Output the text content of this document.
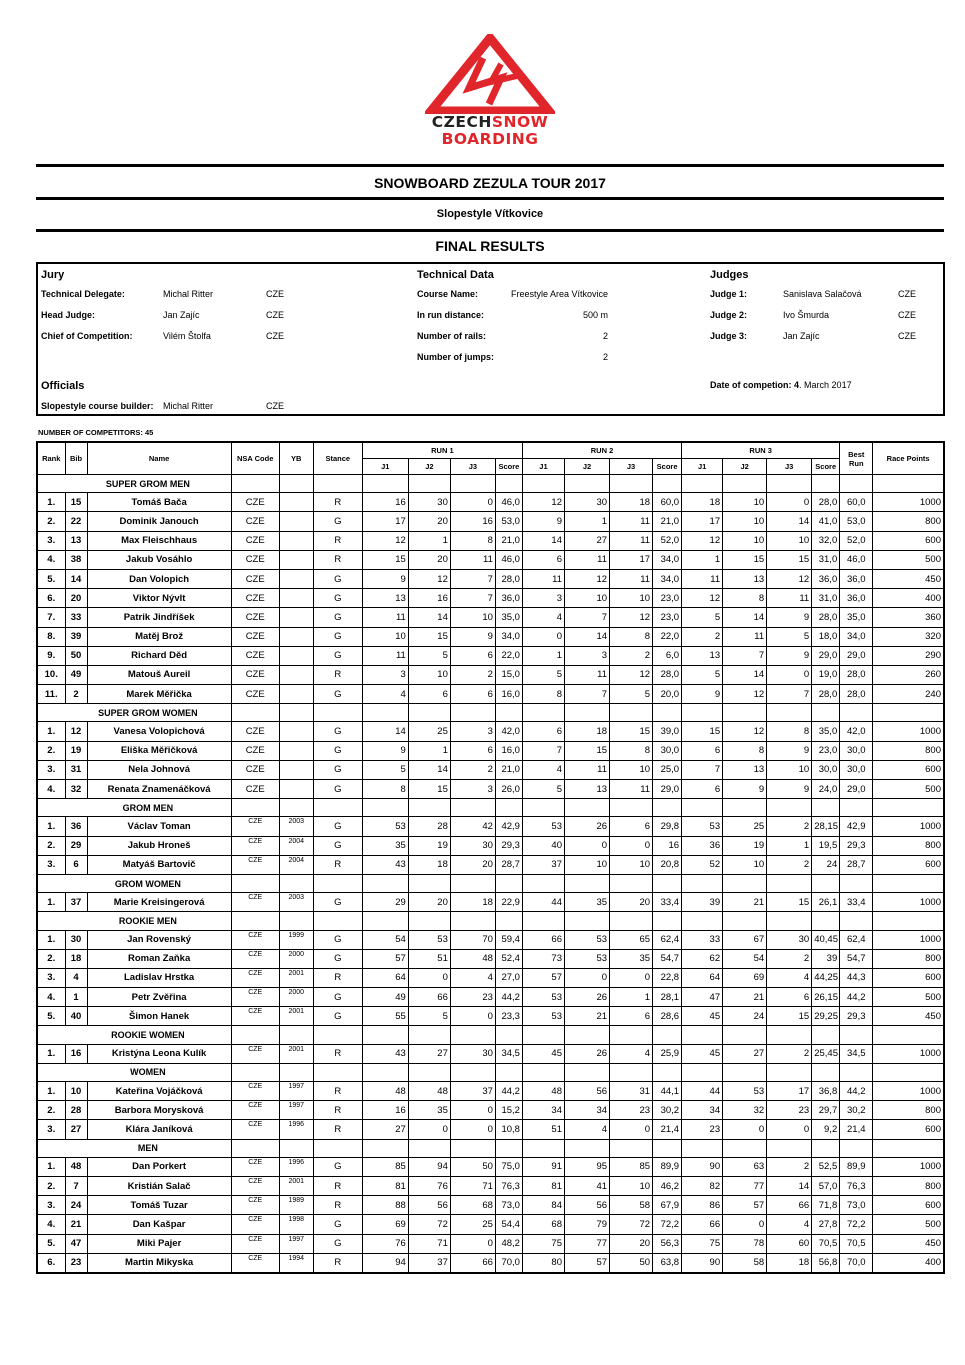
CZECHSNOW
BOARDING
SNOWBOARD ZEZULA TOUR 2017
Slopestyle Vítkovice
FINAL RESULTS
Jury
Technical Delegate:	Michal Ritter	CZE
Head Judge:	Jan Zajíc	CZE
Chief of Competition:	Vilém Štolfa	CZE
Technical Data
Course Name:	Freestyle Area Vítkovice
In run distance:	500 m
Number of rails:	2
Number of jumps:	2
Judges
Judge 1:	Sanislava Salačová	CZE
Judge 2:	Ivo Šmurda	CZE
Judge 3:	Jan Zajíc	CZE
Officials
Slopestyle course builder: Michal Ritter	CZE
Date of competion: 4. March 2017
NUMBER OF COMPETITORS: 45
Rank	Bib	Name	NSA Code	YB	Stance	RUN 1				RUN 2				RUN 3				Best Run	Race Points
						J1	J2	J3	Score	J1	J2	J3	Score	J1	J2	J3	Score		
	SUPER GROM MEN																		
1.	15	Tomáš Bača	CZE		R	16	30	0	46,0	12	30	18	60,0	18	10	0	28,0	60,0	1000
2.	22	Dominik Janouch	CZE		G	17	20	16	53,0	9	1	11	21,0	17	10	14	41,0	53,0	800
3.	13	Max Fleischhaus	CZE		R	12	1	8	21,0	14	27	11	52,0	12	10	10	32,0	52,0	600
4.	38	Jakub Vosáhlo	CZE		R	15	20	11	46,0	6	11	17	34,0	1	15	15	31,0	46,0	500
5.	14	Dan Volopich	CZE		G	9	12	7	28,0	11	12	11	34,0	11	13	12	36,0	36,0	450
6.	20	Viktor Nývlt	CZE		G	13	16	7	36,0	3	10	10	23,0	12	8	11	31,0	36,0	400
7.	33	Patrik Jindříšek	CZE		G	11	14	10	35,0	4	7	12	23,0	5	14	9	28,0	35,0	360
8.	39	Matěj Brož	CZE		G	10	15	9	34,0	0	14	8	22,0	2	11	5	18,0	34,0	320
9.	50	Richard Děd	CZE		G	11	5	6	22,0	1	3	2	6,0	13	7	9	29,0	29,0	290
10.	49	Matouš Aureil	CZE		R	3	10	2	15,0	5	11	12	28,0	5	14	0	19,0	28,0	260
11.	2	Marek Měřička	CZE		G	4	6	6	16,0	8	7	5	20,0	9	12	7	28,0	28,0	240
	SUPER GROM WOMEN																		
1.	12	Vanesa Volopichová	CZE		G	14	25	3	42,0	6	18	15	39,0	15	12	8	35,0	42,0	1000
2.	19	Eliška Měřičková	CZE		G	9	1	6	16,0	7	15	8	30,0	6	8	9	23,0	30,0	800
3.	31	Nela Johnová	CZE		G	5	14	2	21,0	4	11	10	25,0	7	13	10	30,0	30,0	600
4.	32	Renata Znamenáčková	CZE		G	8	15	3	26,0	5	13	11	29,0	6	9	9	24,0	29,0	500
	GROM MEN																		
1.	36	Václav Toman	CZE	2003	G	53	28	42	42,9	53	26	6	29,8	53	25	2	28,15	42,9	1000
2.	29	Jakub Hroneš	CZE	2004	G	35	19	30	29,3	40	0	0	16	36	19	1	19,5	29,3	800
3.	6	Matyáš Bartovič	CZE	2004	R	43	18	20	28,7	37	10	10	20,8	52	10	2	24	28,7	600
	GROM WOMEN																		
1.	37	Marie Kreisingerová	CZE	2003	G	29	20	18	22,9	44	35	20	33,4	39	21	15	26,1	33,4	1000
	ROOKIE MEN																		
1.	30	Jan Rovenský	CZE	1999	G	54	53	70	59,4	66	53	65	62,4	33	67	30	40,45	62,4	1000
2.	18	Roman Zaňka	CZE	2000	G	57	51	48	52,4	73	53	35	54,7	62	54	2	39	54,7	800
3.	4	Ladislav Hrstka	CZE	2001	R	64	0	4	27,0	57	0	0	22,8	64	69	4	44,25	44,3	600
4.	1	Petr Zvěřina	CZE	2000	G	49	66	23	44,2	53	26	1	28,1	47	21	6	26,15	44,2	500
5.	40	Šimon Hanek	CZE	2001	G	55	5	0	23,3	53	21	6	28,6	45	24	15	29,25	29,3	450
	ROOKIE WOMEN																		
1.	16	Kristýna Leona Kulík	CZE	2001	R	43	27	30	34,5	45	26	4	25,9	45	27	2	25,45	34,5	1000
	WOMEN																		
1.	10	Kateřina Vojáčková	CZE	1997	R	48	48	37	44,2	48	56	31	44,1	44	53	17	36,8	44,2	1000
2.	28	Barbora Morysková	CZE	1997	R	16	35	0	15,2	34	34	23	30,2	34	32	23	29,7	30,2	800
3.	27	Klára Janíková	CZE	1996	R	27	0	0	10,8	51	4	0	21,4	23	0	0	9,2	21,4	600
	MEN																		
1.	48	Dan Porkert	CZE	1996	G	85	94	50	75,0	91	95	85	89,9	90	63	2	52,5	89,9	1000
2.	7	Kristián Salač	CZE	2001	R	81	76	71	76,3	81	41	10	46,2	82	77	14	57,0	76,3	800
3.	24	Tomáš Tuzar	CZE	1989	R	88	56	68	73,0	84	56	58	67,9	86	57	66	71,8	73,0	600
4.	21	Dan Kašpar	CZE	1998	G	69	72	25	54,4	68	79	72	72,2	66	0	4	27,8	72,2	500
5.	47	Miki Pajer	CZE	1997	G	76	71	0	48,2	75	77	20	56,3	75	78	60	70,5	70,5	450
6.	23	Martin Mikyska	CZE	1994	R	94	37	66	70,0	80	57	50	63,8	90	58	18	56,8	70,0	400
